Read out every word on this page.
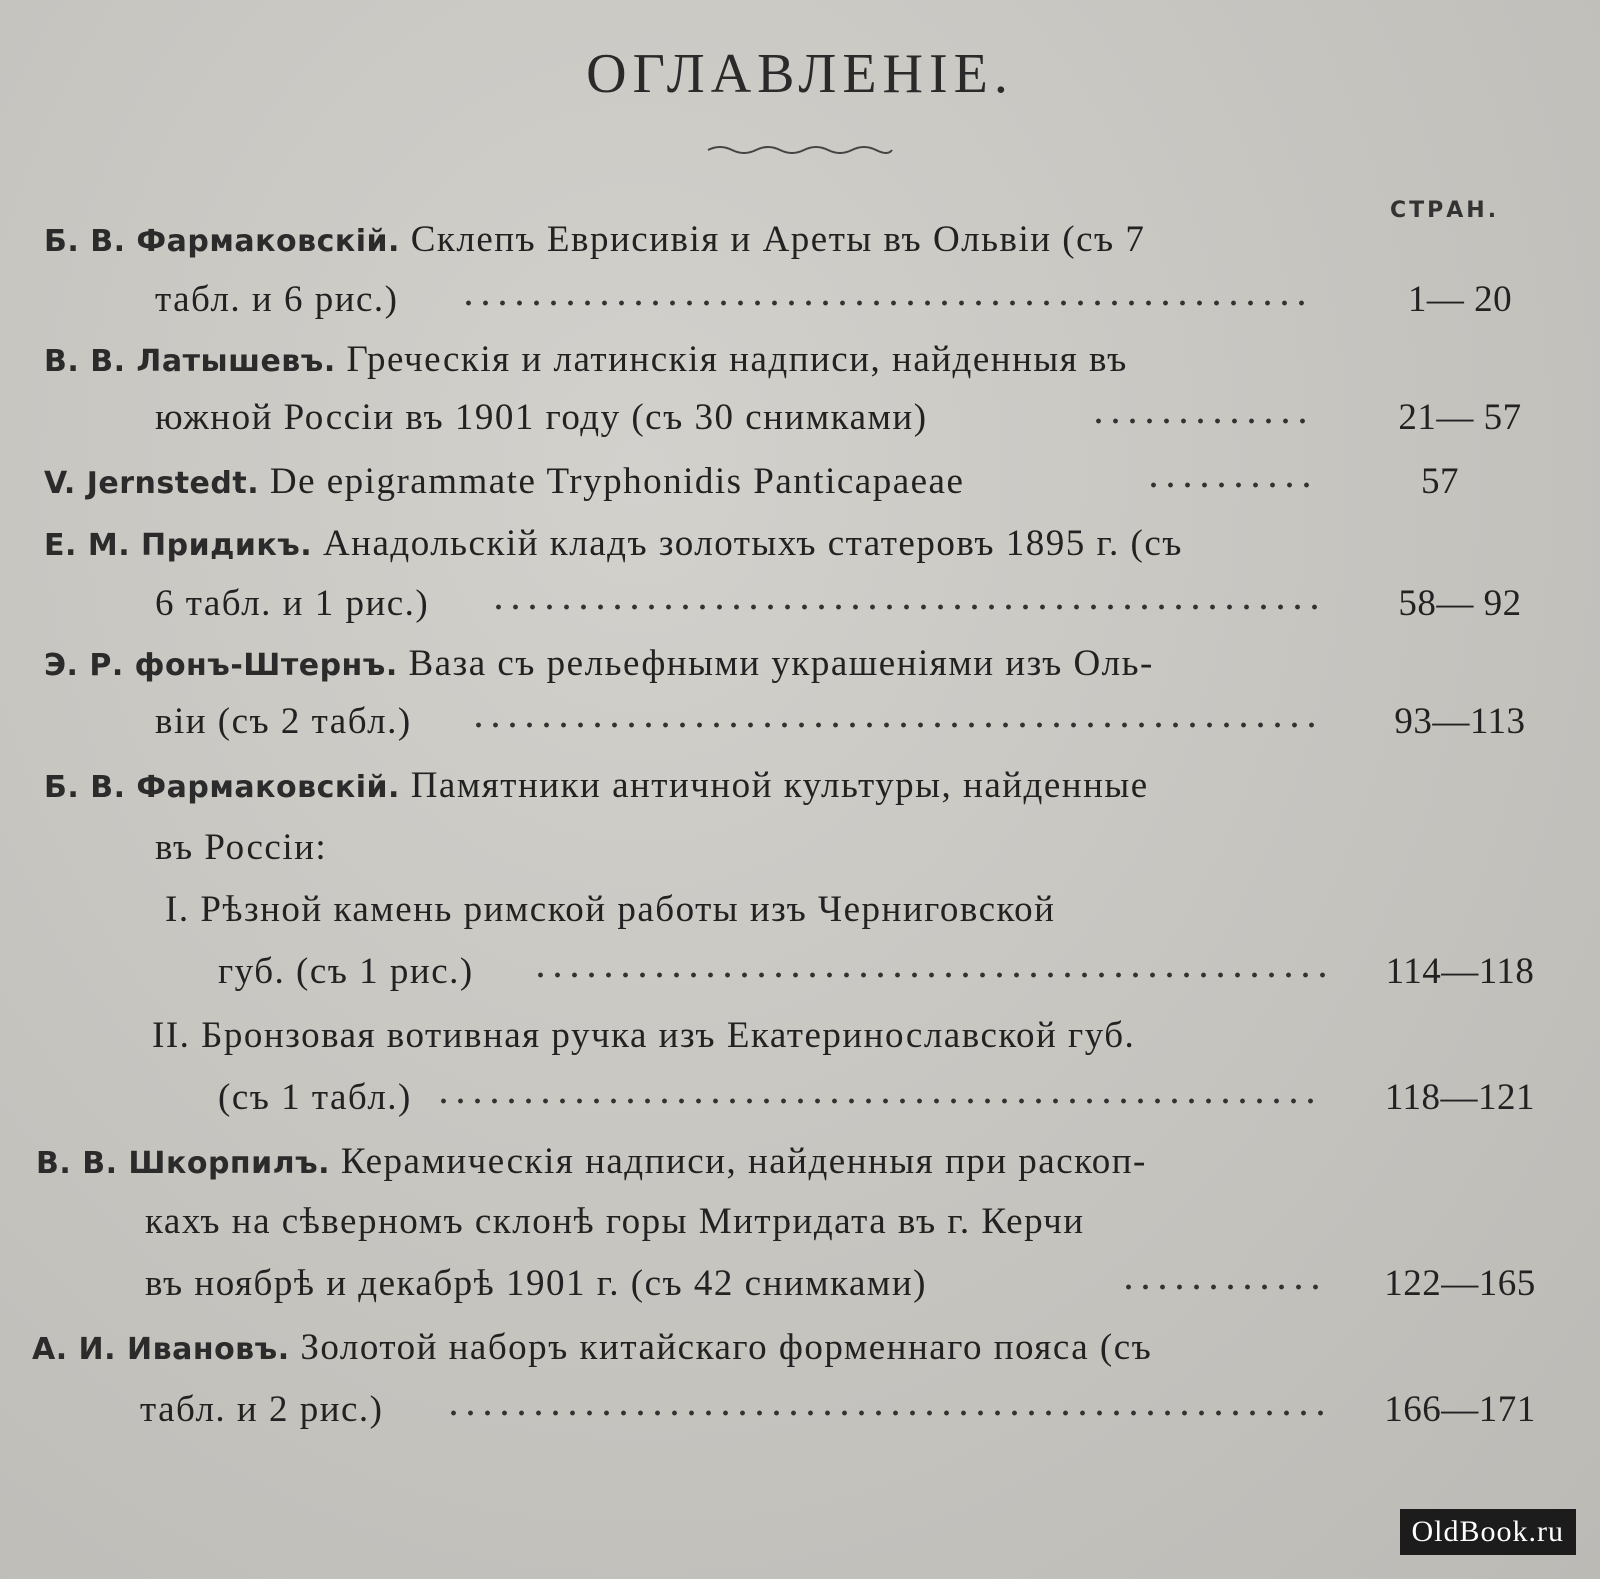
ОГЛАВЛЕНІЕ.
СТРАН.
Б. В. Фармаковскій. Склепъ Еврисивія и Ареты въ Ольвіи (съ 7
табл. и 6 рис.)	1— 20
В. В. Латышевъ. Греческія и латинскія надписи, найденныя въ
южной Россіи въ 1901 году (съ 30 снимками)	21— 57
V. Jernstedt. De epigrammate Tryphonidis Panticapaeae	57
Е. М. Придикъ. Анадольскій кладъ золотыхъ статеровъ 1895 г. (съ
6 табл. и 1 рис.)	58— 92
Э. Р. фонъ-Штернъ. Ваза съ рельефными украшеніями изъ Оль-
віи (съ 2 табл.)	93—113
Б. В. Фармаковскій. Памятники античной культуры, найденные
въ Россіи:
I. Рѣзной камень римской работы изъ Черниговской
губ. (съ 1 рис.)	114—118
II. Бронзовая вотивная ручка изъ Екатеринославской губ.
(съ 1 табл.)	118—121
В. В. Шкорпилъ. Керамическія надписи, найденныя при раскоп-
кахъ на сѣверномъ склонѣ горы Митридата въ г. Керчи
въ ноябрѣ и декабрѣ 1901 г. (съ 42 снимками)	122—165
А. И. Ивановъ. Золотой наборъ китайскаго форменнаго пояса (съ
табл. и 2 рис.)	166—171
OldBook.ru
